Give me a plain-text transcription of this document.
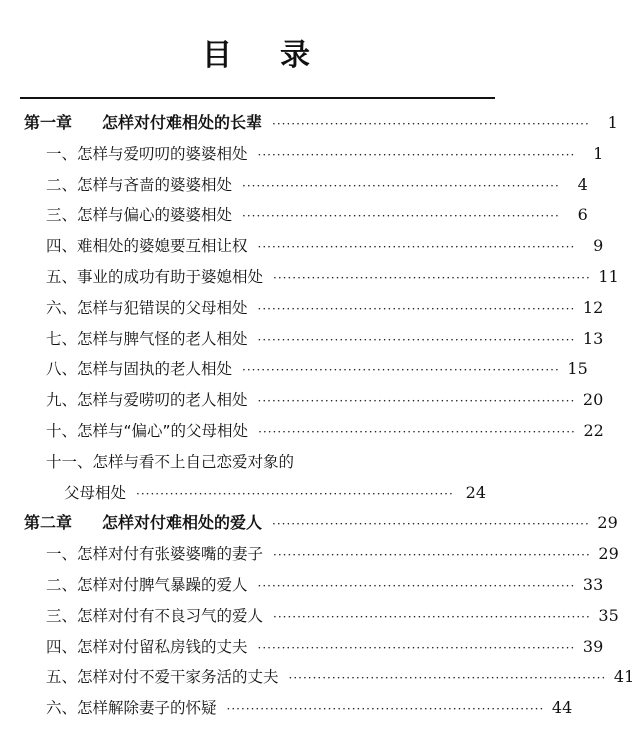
目 录
第一章 怎样对付难相处的长辈 ··································································	1
一、怎样与爱叨叨的婆婆相处 ··································································	1
二、怎样与吝啬的婆婆相处 ··································································	4
三、怎样与偏心的婆婆相处 ··································································	6
四、难相处的婆媳要互相让权 ··································································	9
五、事业的成功有助于婆媳相处 ·································································· 11
六、怎样与犯错误的父母相处 ·································································· 12
七、怎样与脾气怪的老人相处 ·································································· 13
八、怎样与固执的老人相处 ·································································· 15
九、怎样与爱唠叨的老人相处 ·································································· 20
十、怎样与“偏心”的父母相处 ·································································· 22
十一、怎样与看不上自己恋爱对象的
父母相处 ·································································· 24
第二章 怎样对付难相处的爱人 ·································································· 29
一、怎样对付有张婆婆嘴的妻子 ·································································· 29
二、怎样对付脾气暴躁的爱人 ·································································· 33
三、怎样对付有不良习气的爱人 ·································································· 35
四、怎样对付留私房钱的丈夫 ·································································· 39
五、怎样对付不爱干家务活的丈夫 ·································································· 41
六、怎样解除妻子的怀疑 ·································································· 44
